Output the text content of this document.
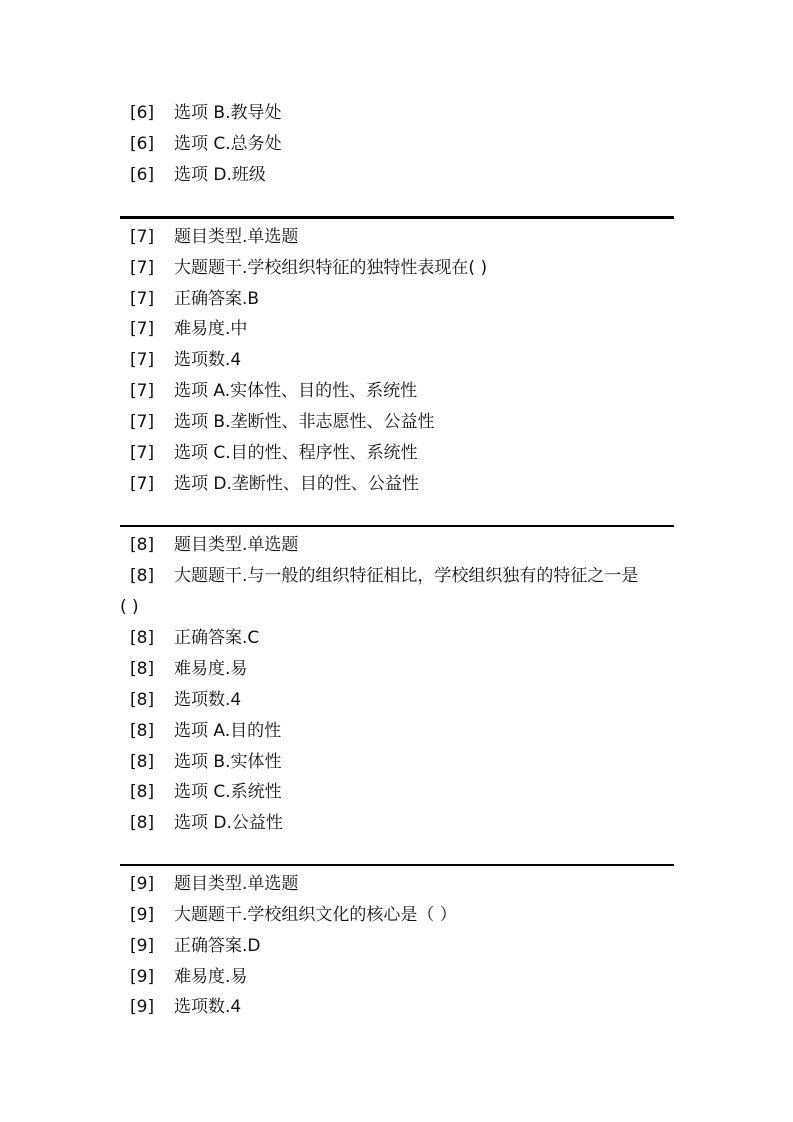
[6] 选项 B.教导处
[6] 选项 C.总务处
[6] 选项 D.班级
[7] 题目类型.单选题
[7] 大题题干.学校组织特征的独特性表现在( )
[7] 正确答案.B
[7] 难易度.中
[7] 选项数.4
[7] 选项 A.实体性、目的性、系统性
[7] 选项 B.垄断性、非志愿性、公益性
[7] 选项 C.目的性、程序性、系统性
[7] 选项 D.垄断性、目的性、公益性
[8] 题目类型.单选题
[8] 大题题干.与一般的组织特征相比，学校组织独有的特征之一是
( )
[8] 正确答案.C
[8] 难易度.易
[8] 选项数.4
[8] 选项 A.目的性
[8] 选项 B.实体性
[8] 选项 C.系统性
[8] 选项 D.公益性
[9] 题目类型.单选题
[9] 大题题干.学校组织文化的核心是（ ）
[9] 正确答案.D
[9] 难易度.易
[9] 选项数.4
